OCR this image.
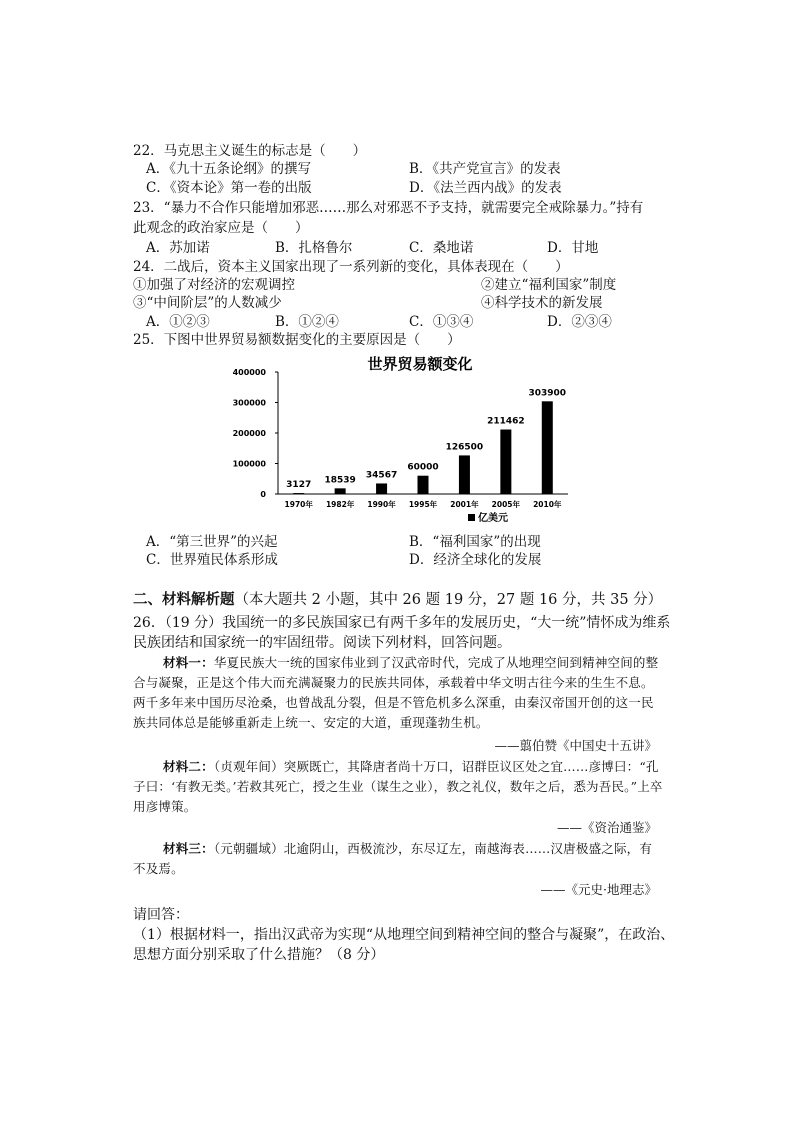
22．马克思主义诞生的标志是（　　）
A．《九十五条论纲》的撰写	B．《共产党宣言》的发表
C．《资本论》第一卷的出版	D．《法兰西内战》的发表
23．“暴力不合作只能增加邪恶……那么对邪恶不予支持，就需要完全戒除暴力。”持有
此观念的政治家应是（　　）
A．苏加诺	B．扎格鲁尔	C．桑地诺	D．甘地
24．二战后，资本主义国家出现了一系列新的变化，具体表现在（　　）
①加强了对经济的宏观调控	②建立“福利国家”制度
③“中间阶层”的人数减少	④科学技术的新发展
A．①②③	B．①②④	C．①③④	D．②③④
25．下图中世界贸易额数据变化的主要原因是（　　）
世界贸易额变化
0
100000
200000
300000
400000
1970年 1982年 1990年 1995年 2001年 2005年 2010年
3127 18539 34567
60000
126500
211462
303900
亿美元
A．“第三世界”的兴起	B．“福利国家”的出现
C．世界殖民体系形成	D．经济全球化的发展
二、材料解析题（本大题共 2 小题，其中 26 题 19 分，27 题 16 分，共 35 分）
26．（19 分）我国统一的多民族国家已有两千多年的发展历史，“大一统”情怀成为维系
民族团结和国家统一的牢固纽带。阅读下列材料，回答问题。
材料一：华夏民族大一统的国家伟业到了汉武帝时代，完成了从地理空间到精神空间的整合与凝聚，正是这个伟大而充满凝聚力的民族共同体，承载着中华文明古往今来的生生不息。两千多年来中国历尽沧桑，也曾战乱分裂，但是不管危机多么深重，由秦汉帝国开创的这一民族共同体总是能够重新走上统一、安定的大道，重现蓬勃生机。
——翦伯赞《中国史十五讲》
材料二：（贞观年间）突厥既亡，其降唐者尚十万口，诏群臣议区处之宜……彦博曰：“孔子曰：‘有教无类。’若救其死亡，授之生业（谋生之业），教之礼仪，数年之后，悉为吾民。”上卒用彦博策。
——《资治通鉴》
材料三：（元朝疆域）北逾阴山，西极流沙，东尽辽左，南越海表……汉唐极盛之际，有不及焉。
——《元史·地理志》
请回答：
（1）根据材料一，指出汉武帝为实现“从地理空间到精神空间的整合与凝聚”，在政治、
思想方面分别采取了什么措施？（8 分）
